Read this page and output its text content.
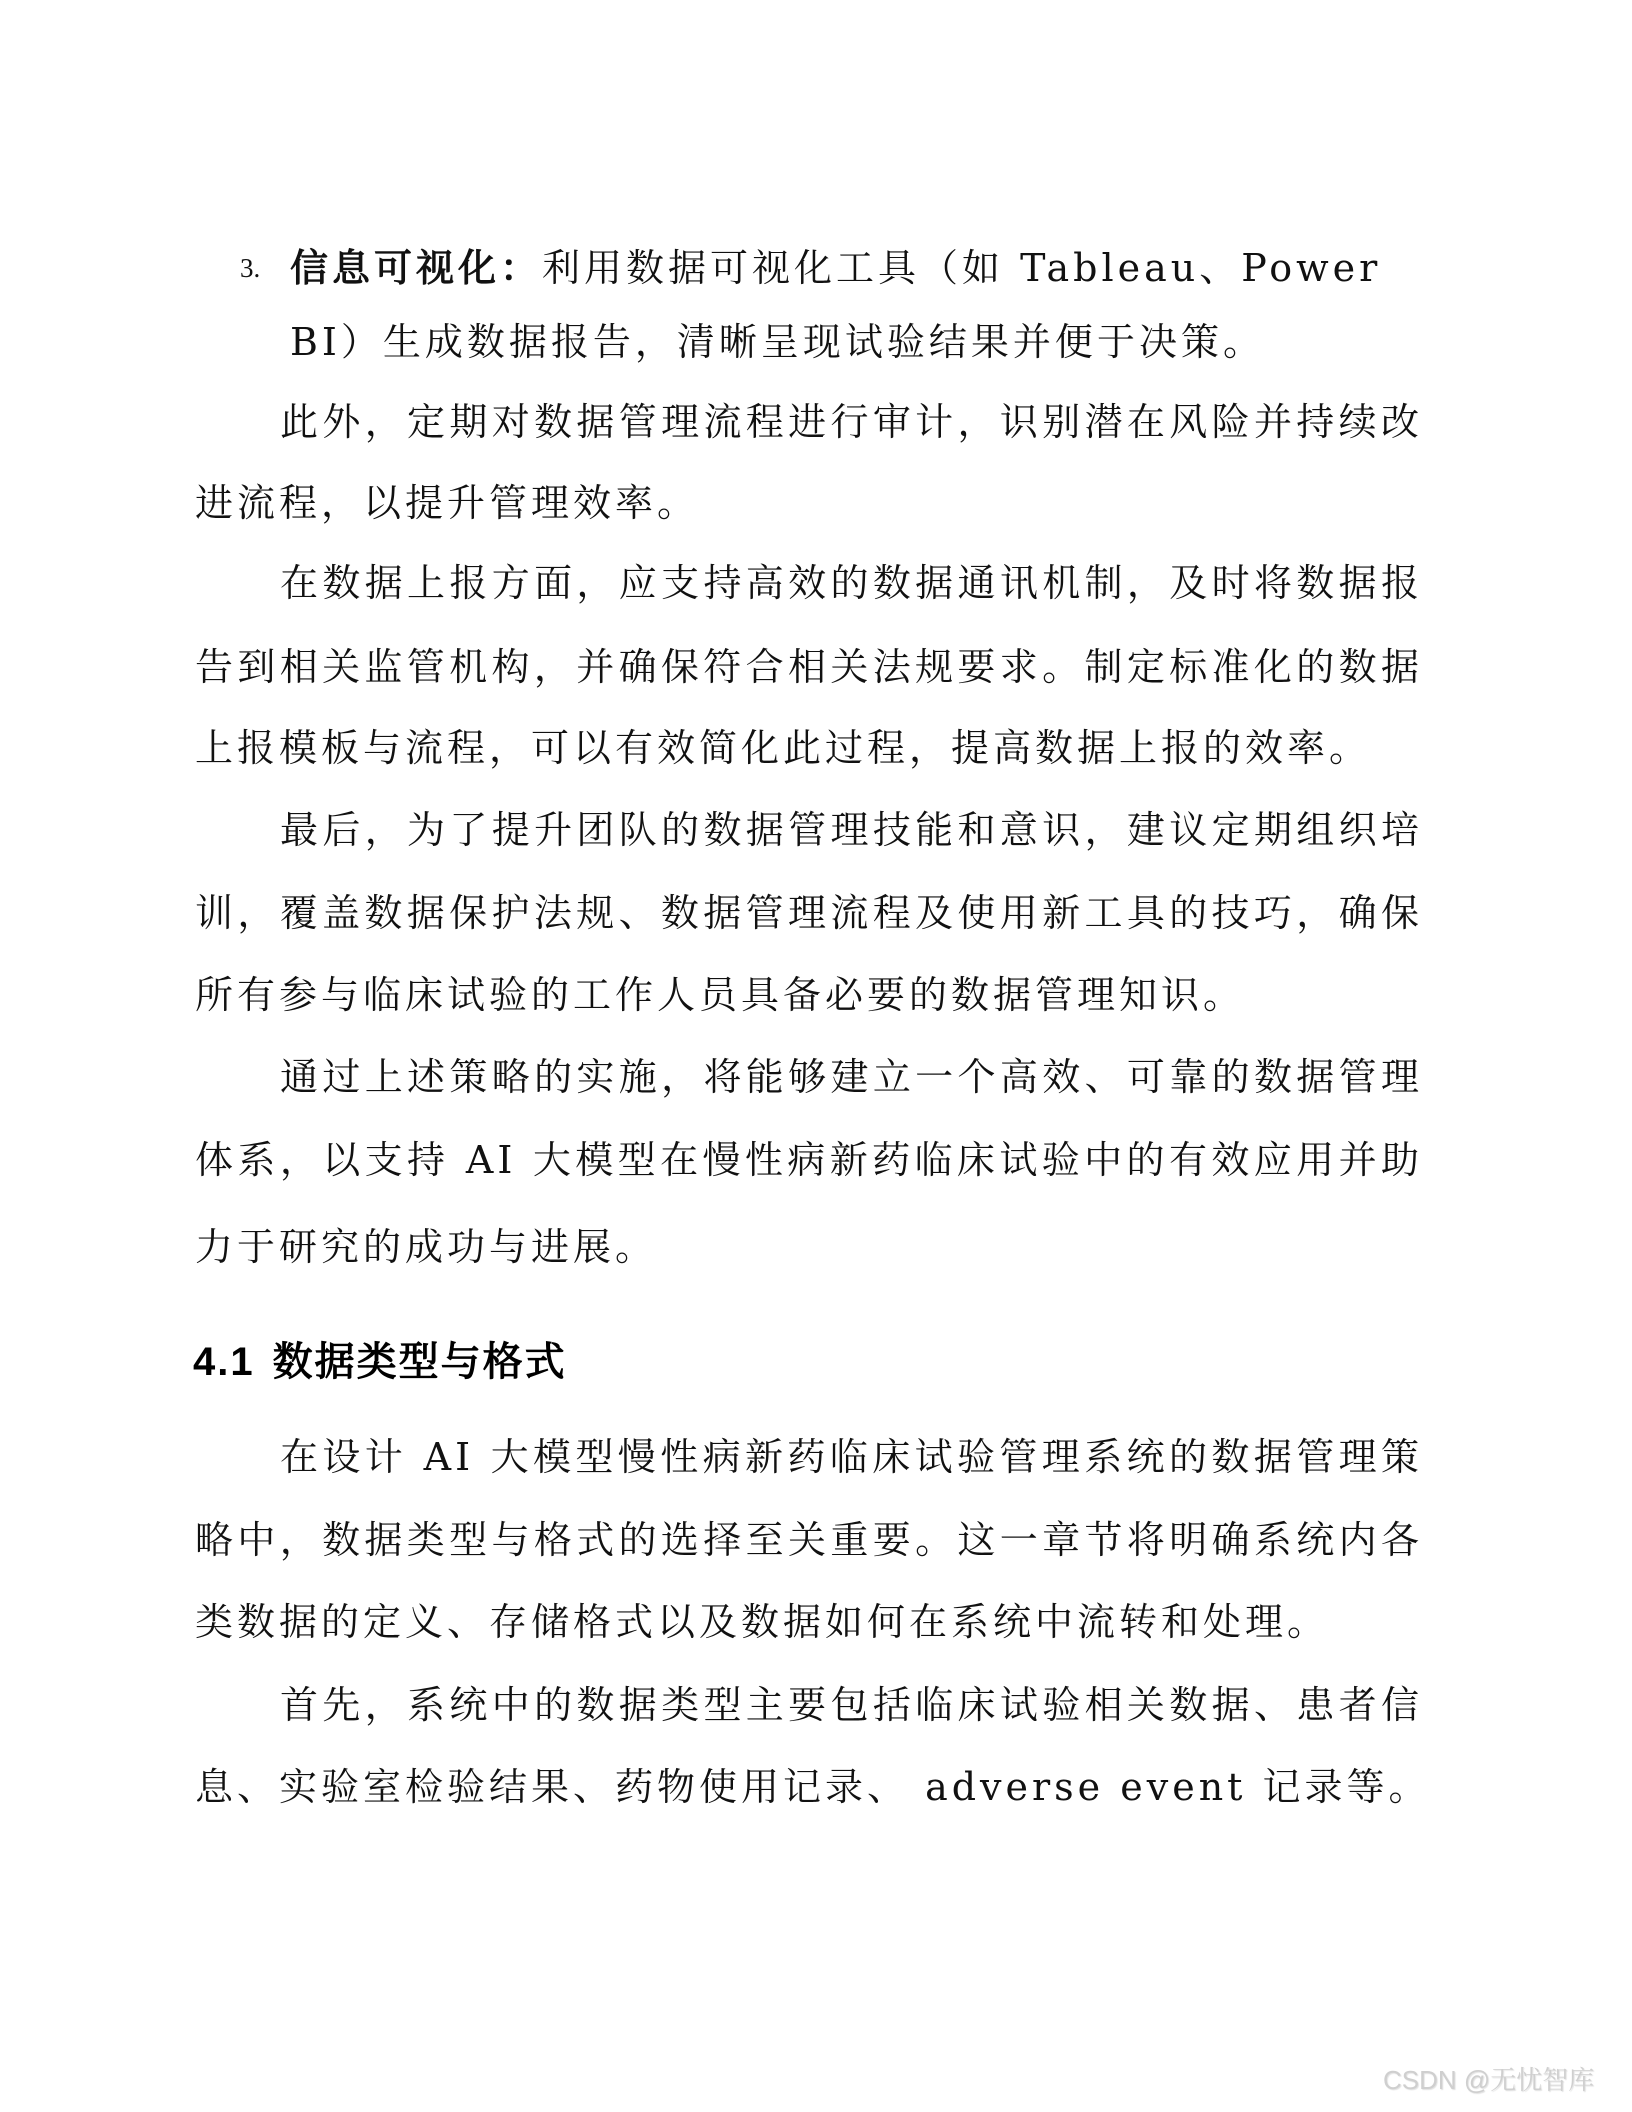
3. 信息可视化：利用数据可视化工具（如 Tableau、Power
BI）生成数据报告，清晰呈现试验结果并便于决策。
此外，定期对数据管理流程进行审计，识别潜在风险并持续改
进流程，以提升管理效率。
在数据上报方面，应支持高效的数据通讯机制，及时将数据报
告到相关监管机构，并确保符合相关法规要求。制定标准化的数据
上报模板与流程，可以有效简化此过程，提高数据上报的效率。
最后，为了提升团队的数据管理技能和意识，建议定期组织培
训，覆盖数据保护法规、数据管理流程及使用新工具的技巧，确保
所有参与临床试验的工作人员具备必要的数据管理知识。
通过上述策略的实施，将能够建立一个高效、可靠的数据管理
体系，以支持 AI 大模型在慢性病新药临床试验中的有效应用并助
力于研究的成功与进展。
4.1 数据类型与格式
在设计 AI 大模型慢性病新药临床试验管理系统的数据管理策
略中，数据类型与格式的选择至关重要。这一章节将明确系统内各
类数据的定义、存储格式以及数据如何在系统中流转和处理。
首先，系统中的数据类型主要包括临床试验相关数据、患者信
息、实验室检验结果、药物使用记录、 adverse event 记录等。
CSDN @无忧智库
